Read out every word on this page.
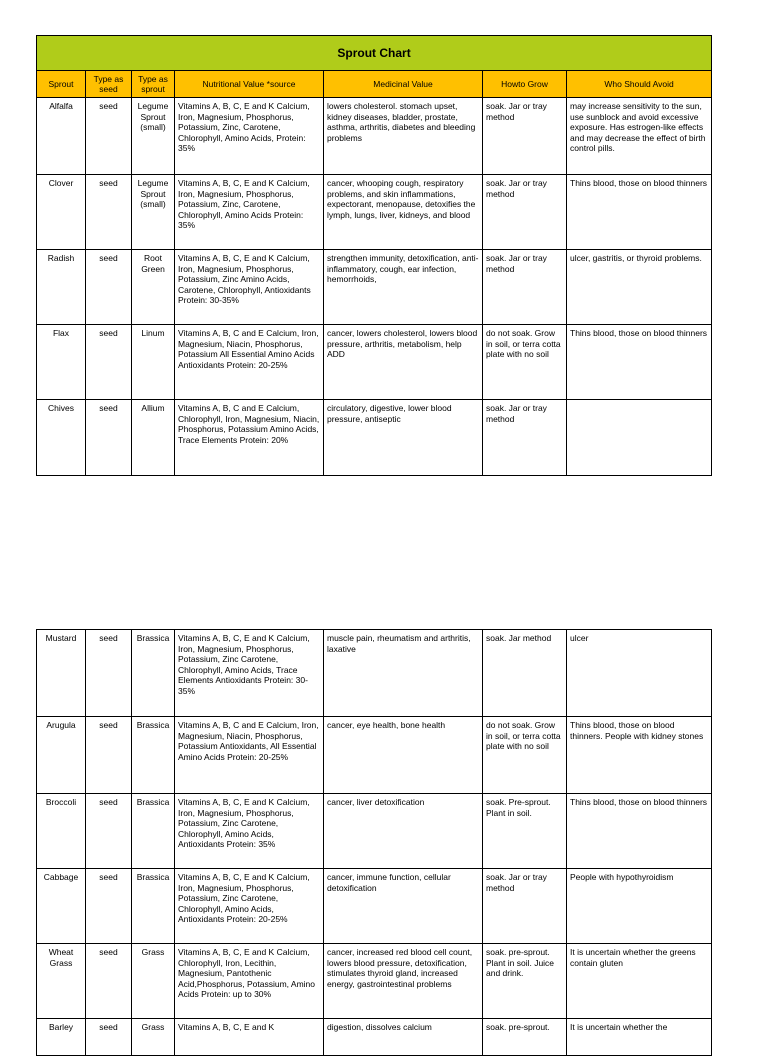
Sprout Chart						
Sprout	Type as seed	Type as sprout	Nutritional Value *source	Medicinal Value	Howto Grow	Who Should Avoid
Alfalfa	seed	Legume Sprout (small)	Vitamins A, B, C, E and K Calcium, Iron, Magnesium, Phosphorus, Potassium, Zinc, Carotene, Chlorophyll, Amino Acids, Protein: 35%	lowers cholesterol. stomach upset, kidney diseases, bladder, prostate, asthma, arthritis, diabetes and bleeding problems	soak. Jar or tray method	may increase sensitivity to the sun, use sunblock and avoid excessive exposure. Has estrogen-like effects and may decrease the effect of birth control pills.
Clover	seed	Legume Sprout (small)	Vitamins A, B, C, E and K Calcium, Iron, Magnesium, Phosphorus, Potassium, Zinc, Carotene, Chlorophyll, Amino Acids Protein: 35%	cancer, whooping cough, respiratory problems, and skin inflammations, expectorant, menopause, detoxifies the lymph, lungs, liver, kidneys, and blood	soak. Jar or tray method	Thins blood, those on blood thinners
Radish	seed	Root Green	Vitamins A, B, C, E and K Calcium, Iron, Magnesium, Phosphorus, Potassium, Zinc Amino Acids, Carotene, Chlorophyll, Antioxidants Protein: 30-35%	strengthen immunity, detoxification, anti-inflammatory, cough, ear infection, hemorrhoids,	soak. Jar or tray method	ulcer, gastritis, or thyroid problems.
Flax	seed	Linum	Vitamins A, B, C and E Calcium, Iron, Magnesium, Niacin, Phosphorus, Potassium All Essential Amino Acids Antioxidants Protein: 20-25%	cancer, lowers cholesterol, lowers blood pressure, arthritis, metabolism, help ADD	do not soak. Grow in soil, or terra cotta plate with no soil	Thins blood, those on blood thinners
Chives	seed	Allium	Vitamins A, B, C and E Calcium, Chlorophyll, Iron, Magnesium, Niacin, Phosphorus, Potassium Amino Acids, Trace Elements Protein: 20%	circulatory, digestive, lower blood pressure, antiseptic	soak. Jar or tray method	
Mustard	seed	Brassica	Vitamins A, B, C, E and K Calcium, Iron, Magnesium, Phosphorus, Potassium, Zinc Carotene, Chlorophyll, Amino Acids, Trace Elements Antioxidants Protein: 30-35%	muscle pain, rheumatism and arthritis, laxative	soak. Jar method	ulcer
Arugula	seed	Brassica	Vitamins A, B, C and E Calcium, Iron, Magnesium, Niacin, Phosphorus, Potassium Antioxidants, All Essential Amino Acids Protein: 20-25%	cancer, eye health, bone health	do not soak. Grow in soil, or terra cotta plate with no soil	Thins blood, those on blood thinners. People with kidney stones
Broccoli	seed	Brassica	Vitamins A, B, C, E and K Calcium, Iron, Magnesium, Phosphorus, Potassium, Zinc Carotene, Chlorophyll, Amino Acids, Antioxidants Protein: 35%	cancer, liver detoxification	soak. Pre-sprout. Plant in soil.	Thins blood, those on blood thinners
Cabbage	seed	Brassica	Vitamins A, B, C, E and K Calcium, Iron, Magnesium, Phosphorus, Potassium, Zinc Carotene, Chlorophyll, Amino Acids, Antioxidants Protein: 20-25%	cancer, immune function, cellular detoxification	soak. Jar or tray method	People with hypothyroidism
Wheat Grass	seed	Grass	Vitamins A, B, C, E and K Calcium, Chlorophyll, Iron, Lecithin, Magnesium, Pantothenic Acid,Phosphorus, Potassium, Amino Acids Protein: up to 30%	cancer, increased red blood cell count, lowers blood pressure, detoxification, stimulates thyroid gland, increased energy, gastrointestinal problems	soak. pre-sprout. Plant in soil. Juice and drink.	It is uncertain whether the greens contain gluten
Barley	seed	Grass	Vitamins A, B, C, E and K	digestion, dissolves calcium	soak. pre-sprout.	It is uncertain whether the
